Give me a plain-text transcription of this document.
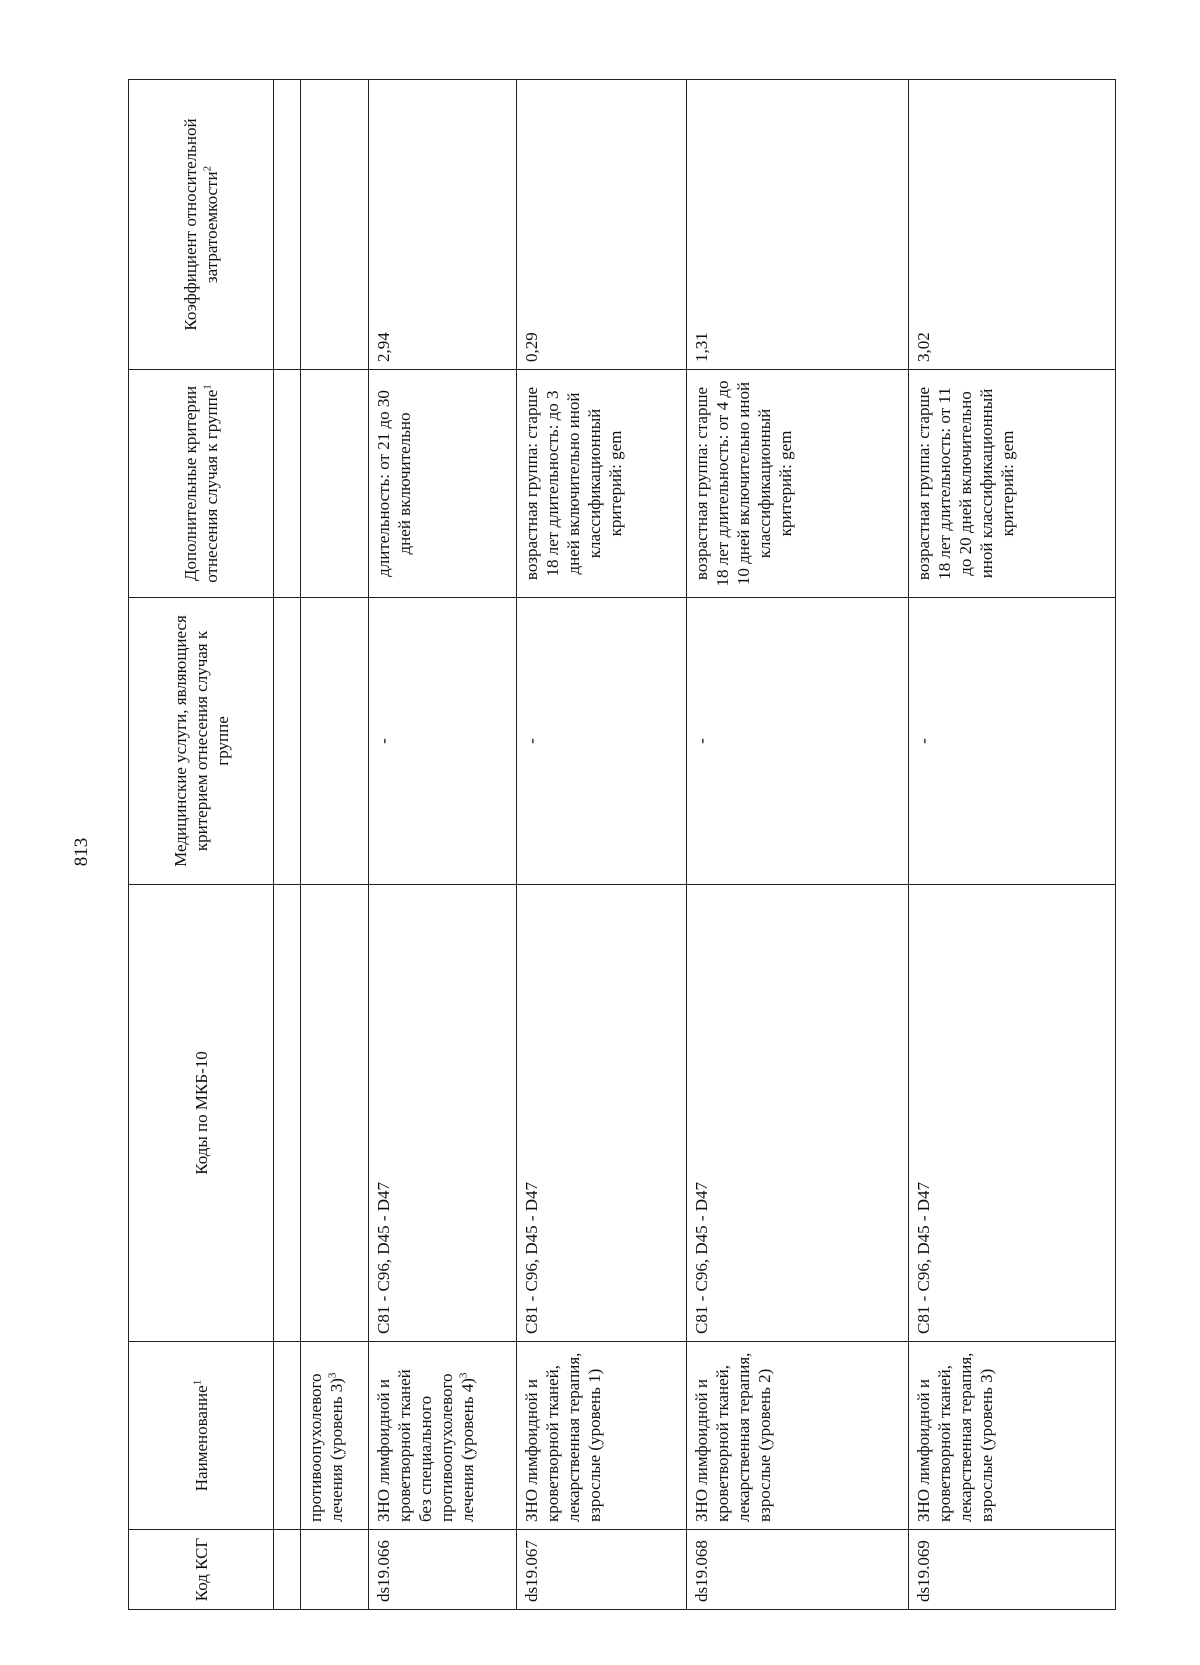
813
Код КСГ	Наименование$^1$	Коды по МКБ-10	Медицинские услуги, являющиеся критерием отнесения случая к группе	Дополнительные критерии отнесения случая к группе$^1$	Коэффициент относительной затратоемкости$^2$

	противоопухолевого лечения (уровень 3)$^3$				
ds19.066	ЗНО лимфоидной и кроветворной тканей без специального противоопухолевого лечения (уровень 4)$^3$	C81 - C96, D45 - D47	-	длительность: от 21 до 30 дней включительно	2,94
ds19.067	ЗНО лимфоидной и кроветворной тканей, лекарственная терапия, взрослые (уровень 1)	C81 - C96, D45 - D47	-	возрастная группа: старше 18 лет длительность: до 3 дней включительно иной классификационный критерий: gem	0,29
ds19.068	ЗНО лимфоидной и кроветворной тканей, лекарственная терапия, взрослые (уровень 2)	C81 - C96, D45 - D47	-	возрастная группа: старше 18 лет длительность: от 4 до 10 дней включительно иной классификационный критерий: gem	1,31
ds19.069	ЗНО лимфоидной и кроветворной тканей, лекарственная терапия, взрослые (уровень 3)	C81 - C96, D45 - D47	-	возрастная группа: старше 18 лет длительность: от 11 до 20 дней включительно иной классификационный критерий: gem	3,02
